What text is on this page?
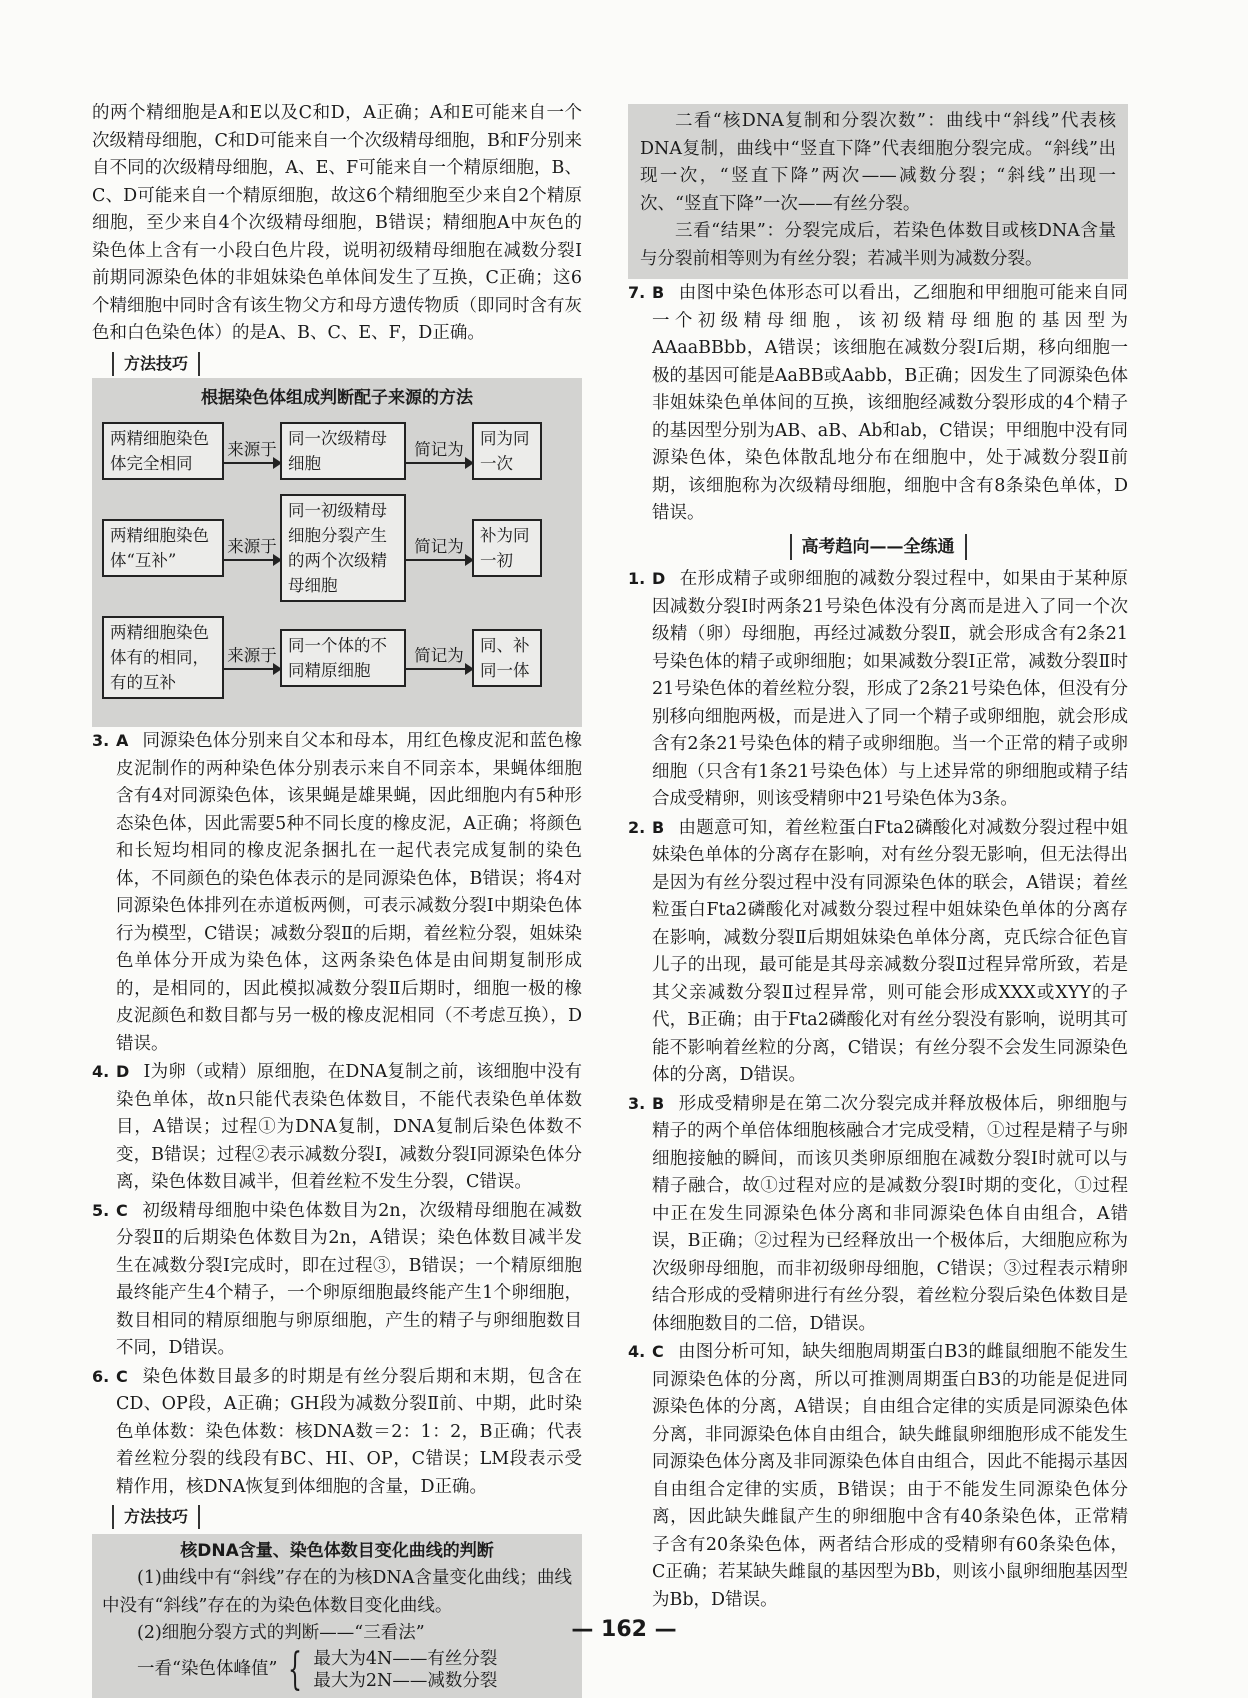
的两个精细胞是A和E以及C和D，A正确；A和E可能来自一个次级精母细胞，C和D可能来自一个次级精母细胞，B和F分别来自不同的次级精母细胞，A、E、F可能来自一个精原细胞，B、C、D可能来自一个精原细胞，故这6个精细胞至少来自2个精原细胞，至少来自4个次级精母细胞，B错误；精细胞A中灰色的染色体上含有一小段白色片段，说明初级精母细胞在减数分裂Ⅰ前期同源染色体的非姐妹染色单体间发生了互换，C正确；这6个精细胞中同时含有该生物父方和母方遗传物质（即同时含有灰色和白色染色体）的是A、B、C、E、F，D正确。

方法技巧
根据染色体组成判断配子来源的方法
两精细胞染色体完全相同
来源于
同一次级精母细胞
简记为
同为同一次
两精细胞染色体“互补”
来源于
同一初级精母细胞分裂产生的两个次级精母细胞
简记为
补为同一初
两精细胞染色体有的相同，有的互补
来源于
同一个体的不同精原细胞
简记为
同、补同一体

3. A 同源染色体分别来自父本和母本，用红色橡皮泥和蓝色橡皮泥制作的两种染色体分别表示来自不同亲本，果蝇体细胞含有4对同源染色体，该果蝇是雄果蝇，因此细胞内有5种形态染色体，因此需要5种不同长度的橡皮泥，A正确；将颜色和长短均相同的橡皮泥条捆扎在一起代表完成复制的染色体，不同颜色的染色体表示的是同源染色体，B错误；将4对同源染色体排列在赤道板两侧，可表示减数分裂Ⅰ中期染色体行为模型，C错误；减数分裂Ⅱ的后期，着丝粒分裂，姐妹染色单体分开成为染色体，这两条染色体是由间期复制形成的，是相同的，因此模拟减数分裂Ⅱ后期时，细胞一极的橡皮泥颜色和数目都与另一极的橡皮泥相同（不考虑互换），D错误。

4. D Ⅰ为卵（或精）原细胞，在DNA复制之前，该细胞中没有染色单体，故n只能代表染色体数目，不能代表染色单体数目，A错误；过程①为DNA复制，DNA复制后染色体数不变，B错误；过程②表示减数分裂Ⅰ，减数分裂Ⅰ同源染色体分离，染色体数目减半，但着丝粒不发生分裂，C错误。

5. C 初级精母细胞中染色体数目为2n，次级精母细胞在减数分裂Ⅱ的后期染色体数目为2n，A错误；染色体数目减半发生在减数分裂Ⅰ完成时，即在过程③，B错误；一个精原细胞最终能产生4个精子，一个卵原细胞最终能产生1个卵细胞，数目相同的精原细胞与卵原细胞，产生的精子与卵细胞数目不同，D错误。

6. C 染色体数目最多的时期是有丝分裂后期和末期，包含在CD、OP段，A正确；GH段为减数分裂Ⅱ前、中期，此时染色单体数：染色体数：核DNA数＝2：1：2，B正确；代表着丝粒分裂的线段有BC、HI、OP，C错误；LM段表示受精作用，核DNA恢复到体细胞的含量，D正确。

方法技巧
核DNA含量、染色体数目变化曲线的判断

(1)曲线中有“斜线”存在的为核DNA含量变化曲线；曲线中没有“斜线”存在的为染色体数目变化曲线。

(2)细胞分裂方式的判断——“三看法”

一看“染色体峰值” { 最大为4N——有丝分裂
最大为2N——减数分裂

二看“核DNA复制和分裂次数”：曲线中“斜线”代表核DNA复制，曲线中“竖直下降”代表细胞分裂完成。“斜线”出现一次，“竖直下降”两次——减数分裂；“斜线”出现一次、“竖直下降”一次——有丝分裂。

三看“结果”：分裂完成后，若染色体数目或核DNA含量与分裂前相等则为有丝分裂；若减半则为减数分裂。

7. B 由图中染色体形态可以看出，乙细胞和甲细胞可能来自同一个初级精母细胞，该初级精母细胞的基因型为AAaaBBbb，A错误；该细胞在减数分裂Ⅰ后期，移向细胞一极的基因可能是AaBB或Aabb，B正确；因发生了同源染色体非姐妹染色单体间的互换，该细胞经减数分裂形成的4个精子的基因型分别为AB、aB、Ab和ab，C错误；甲细胞中没有同源染色体，染色体散乱地分布在细胞中，处于减数分裂Ⅱ前期，该细胞称为次级精母细胞，细胞中含有8条染色单体，D错误。

高考趋向——全练通

1. D 在形成精子或卵细胞的减数分裂过程中，如果由于某种原因减数分裂Ⅰ时两条21号染色体没有分离而是进入了同一个次级精（卵）母细胞，再经过减数分裂Ⅱ，就会形成含有2条21号染色体的精子或卵细胞；如果减数分裂Ⅰ正常，减数分裂Ⅱ时21号染色体的着丝粒分裂，形成了2条21号染色体，但没有分别移向细胞两极，而是进入了同一个精子或卵细胞，就会形成含有2条21号染色体的精子或卵细胞。当一个正常的精子或卵细胞（只含有1条21号染色体）与上述异常的卵细胞或精子结合成受精卵，则该受精卵中21号染色体为3条。

2. B 由题意可知，着丝粒蛋白Fta2磷酸化对减数分裂过程中姐妹染色单体的分离存在影响，对有丝分裂无影响，但无法得出是因为有丝分裂过程中没有同源染色体的联会，A错误；着丝粒蛋白Fta2磷酸化对减数分裂过程中姐妹染色单体的分离存在影响，减数分裂Ⅱ后期姐妹染色单体分离，克氏综合征色盲儿子的出现，最可能是其母亲减数分裂Ⅱ过程异常所致，若是其父亲减数分裂Ⅱ过程异常，则可能会形成XXX或XYY的子代，B正确；由于Fta2磷酸化对有丝分裂没有影响，说明其可能不影响着丝粒的分离，C错误；有丝分裂不会发生同源染色体的分离，D错误。

3. B 形成受精卵是在第二次分裂完成并释放极体后，卵细胞与精子的两个单倍体细胞核融合才完成受精，①过程是精子与卵细胞接触的瞬间，而该贝类卵原细胞在减数分裂Ⅰ时就可以与精子融合，故①过程对应的是减数分裂Ⅰ时期的变化，①过程中正在发生同源染色体分离和非同源染色体自由组合，A错误，B正确；②过程为已经释放出一个极体后，大细胞应称为次级卵母细胞，而非初级卵母细胞，C错误；③过程表示精卵结合形成的受精卵进行有丝分裂，着丝粒分裂后染色体数目是体细胞数目的二倍，D错误。

4. C 由图分析可知，缺失细胞周期蛋白B3的雌鼠细胞不能发生同源染色体的分离，所以可推测周期蛋白B3的功能是促进同源染色体的分离，A错误；自由组合定律的实质是同源染色体分离，非同源染色体自由组合，缺失雌鼠卵细胞形成不能发生同源染色体分离及非同源染色体自由组合，因此不能揭示基因自由组合定律的实质，B错误；由于不能发生同源染色体分离，因此缺失雌鼠产生的卵细胞中含有40条染色体，正常精子含有20条染色体，两者结合形成的受精卵有60条染色体，C正确；若某缺失雌鼠的基因型为Bb，则该小鼠卵细胞基因型为Bb，D错误。

— 162 —
